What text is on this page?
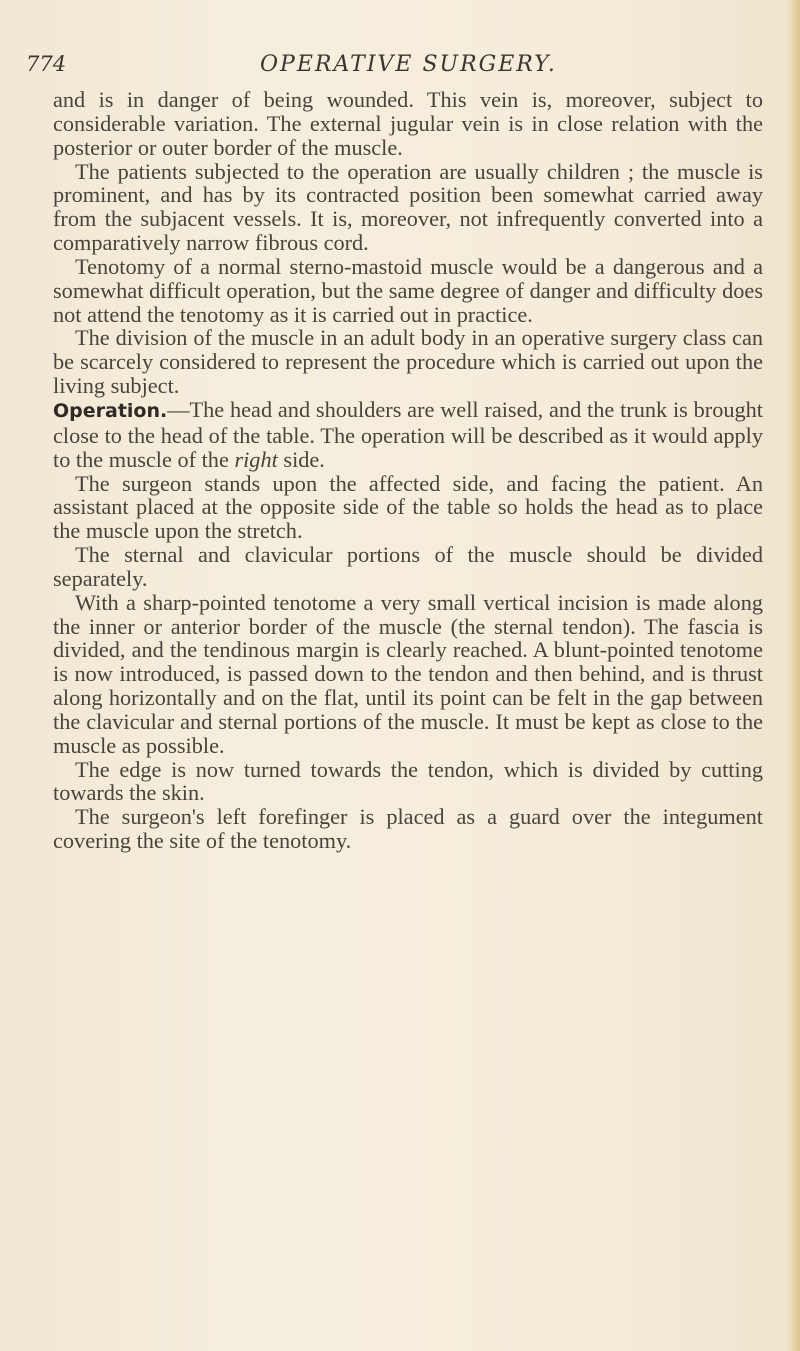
774	OPERATIVE SURGERY.

and is in danger of being wounded. This vein is, moreover, subject to considerable variation. The external jugular vein is in close relation with the posterior or outer border of the muscle.

The patients subjected to the operation are usually children ; the muscle is prominent, and has by its contracted position been somewhat carried away from the subjacent vessels. It is, moreover, not infrequently converted into a comparatively narrow fibrous cord.

Tenotomy of a normal sterno-mastoid muscle would be a dangerous and a somewhat difficult operation, but the same degree of danger and difficulty does not attend the tenotomy as it is carried out in practice.

The division of the muscle in an adult body in an operative surgery class can be scarcely considered to represent the procedure which is carried out upon the living subject.

Operation.—The head and shoulders are well raised, and the trunk is brought close to the head of the table. The operation will be described as it would apply to the muscle of the right side.

The surgeon stands upon the affected side, and facing the patient. An assistant placed at the opposite side of the table so holds the head as to place the muscle upon the stretch.

The sternal and clavicular portions of the muscle should be divided separately.

With a sharp-pointed tenotome a very small vertical incision is made along the inner or anterior border of the muscle (the sternal tendon). The fascia is divided, and the tendinous margin is clearly reached. A blunt-pointed tenotome is now introduced, is passed down to the tendon and then behind, and is thrust along horizontally and on the flat, until its point can be felt in the gap between the clavicular and sternal portions of the muscle. It must be kept as close to the muscle as possible.

The edge is now turned towards the tendon, which is divided by cutting towards the skin.

The surgeon's left forefinger is placed as a guard over the integument covering the site of the tenotomy.
